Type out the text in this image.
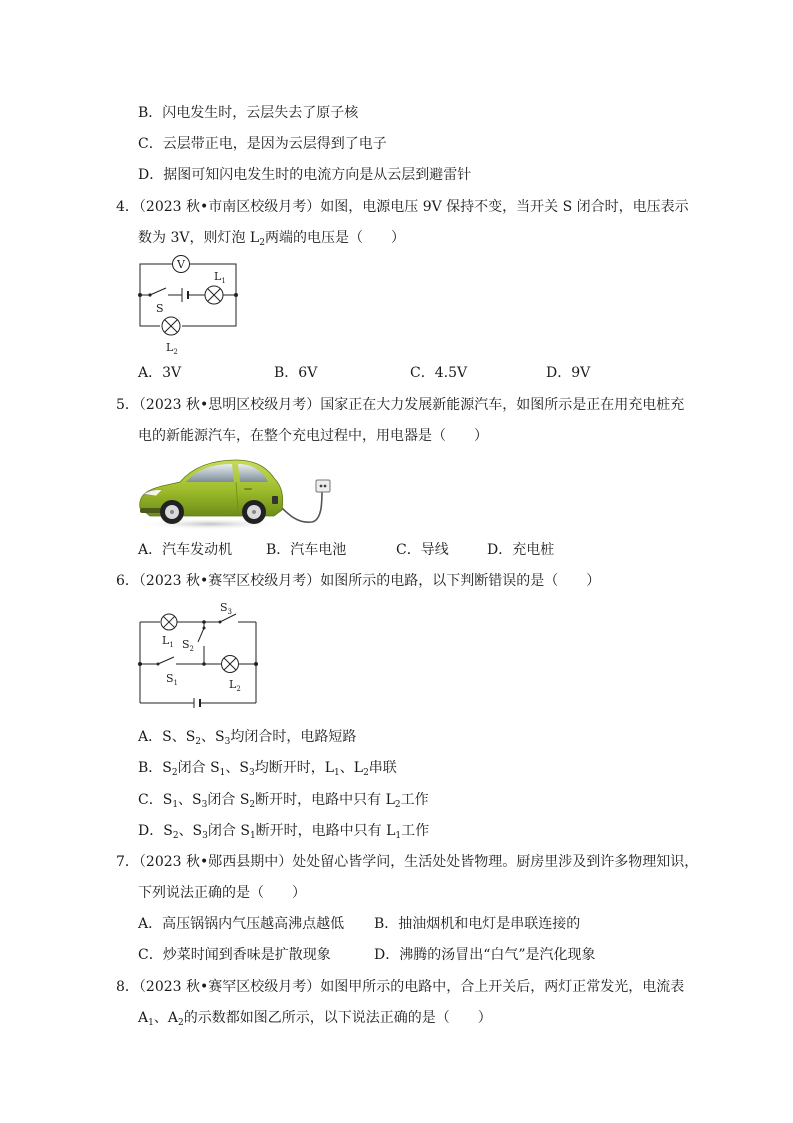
B．闪电发生时，云层失去了原子核
C．云层带正电，是因为云层得到了电子
D．据图可知闪电发生时的电流方向是从云层到避雷针
4．（2023 秋•市南区校级月考）如图，电源电压 9V 保持不变，当开关 S 闭合时，电压表示
数为 3V，则灯泡 $L_2$两端的电压是（　　）
V
$L_1$
S
$L_2$
A．3V	B．6V	C．4.5V	D．9V
5．（2023 秋•思明区校级月考）国家正在大力发展新能源汽车，如图所示是正在用充电桩充
电的新能源汽车，在整个充电过程中，用电器是（　　）
A．汽车发动机 B．汽车电池	C．导线	D．充电桩
6．（2023 秋•赛罕区校级月考）如图所示的电路，以下判断错误的是（　　）
$L_1$ $S_2$
$S_3$
$S_1$	$L_2$
A．S、$S_2$、$S_3$均闭合时，电路短路
B．$S_2$闭合 $S_1$、$S_3$均断开时，$L_1$、$L_2$串联
C．$S_1$、$S_3$闭合 $S_2$断开时，电路中只有 $L_2$工作
D．$S_2$、$S_3$闭合 $S_1$断开时，电路中只有 $L_1$工作
7．（2023 秋•郧西县期中）处处留心皆学问，生活处处皆物理。厨房里涉及到许多物理知识，
下列说法正确的是（　　）
A．高压锅锅内气压越高沸点越低 B．抽油烟机和电灯是串联连接的
C．炒菜时闻到香味是扩散现象	D．沸腾的汤冒出“白气”是汽化现象
8．（2023 秋•赛罕区校级月考）如图甲所示的电路中，合上开关后，两灯正常发光，电流表
$A_1$、$A_2$的示数都如图乙所示，以下说法正确的是（　　）
